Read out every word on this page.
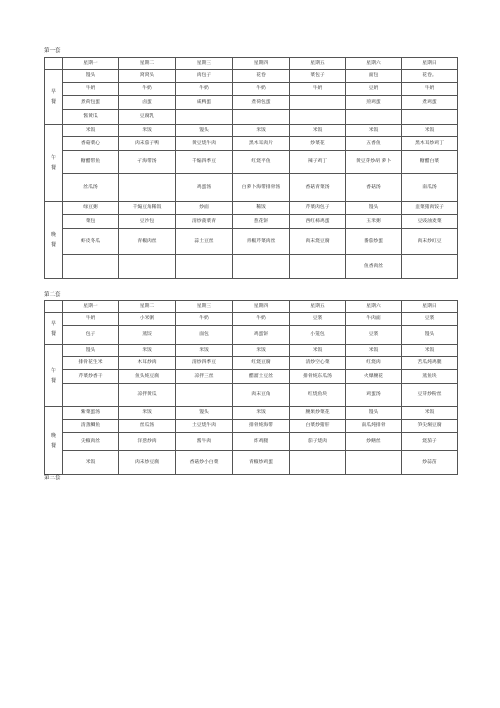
第一套
	星期一	星期二	星期三	星期四	星期五	星期六	星期日

早
餐	馒头	窝窝头	肉包子	花卷	菜包子	面包	花卷。
	牛奶	牛奶	牛奶	牛奶	牛奶	豆奶	牛奶
	煮荷包蛋	卤蛋	咸鸭蛋	煮荷包蛋		煎鸡蛋	煮鸡蛋
	酱黄瓜	豆腐乳					

午
餐	米饭	米饭	馒头	米饭	米饭	米饭	米饭
	香菇菜心	肉末茄子鸭	黄豆烧牛肉	黑木耳肉片	炒菜花	五香鱼	黑木耳炒鸡丁
	糖醋带鱼	孑海带汤	千煽四季豆	红烧平鱼	辣子鸡丁	黄豆芽炒胡 萝卜	糖醋白菜
	丝瓜汤		鸡蛋汤	白萝卜海带排骨汤	香菇青菜汤	香菇汤	南瓜汤

晚
餐	绿豆粥	千煽豆角稀饭	炒面	稀饭	芹菜肉包子	馒头	韭菜猪肉饺子
	菜包	豆沙包	清炒菠菜青	葱花饼	西红柿鸡蛋	玉米粥	豆豉油麦菜
	虾皮冬瓜	青椒肉丝	蒜土豆丝	青椒芹菜肉丝	肉末烧豆腐	番茄炒蛋	肉末炒豇豆
						鱼香肉丝	
第二套
	星期一	星期二	星期三	星期四	星期五	星期六	星期日

早
餐	牛奶	小米粥	牛奶	牛奶	豆浆	牛肉面	豆浆
	包子	蒸饺	面包	鸡蛋饼	小笼包	豆浆	馒头

午
餐	馒头	米饭	米饭	米饭	米饭	米饭	米饭
	排骨花生米	木耳炒肉	清炒四季豆	红烧豆腐	清炒空心菜	红烧肉	苦瓜炖鸡腿
	芹菜炒香干	鱼头炖豆腐	凉拌三丝	醋溜土豆丝	排骨炖东瓜汤	火爆腰花	蒸鱼块
		凉拌黄瓜		肉末豆角	红烧鱼块	鸡蛋汤	豆芽炒粉丝

晚
餐	紫菜蛋汤	米饭	馒头	米饭	腰果炒菜花	馒头	米饭
	清蒸鲫鱼	丝瓜汤	土豆烧牛肉	排骨炖海带	白菜炒猪肝	南瓜炖排骨	笋尖焖豆腐
	尖椒肉丝	洋葱炒肉	酱牛肉	炸鸡腿	茄子烧肉	炒鳝丝	烧茄子
	米饭	肉末炒豆腐	香菇炒小白菜	青椒炒鸡蛋			炒蒜苗
第三套
